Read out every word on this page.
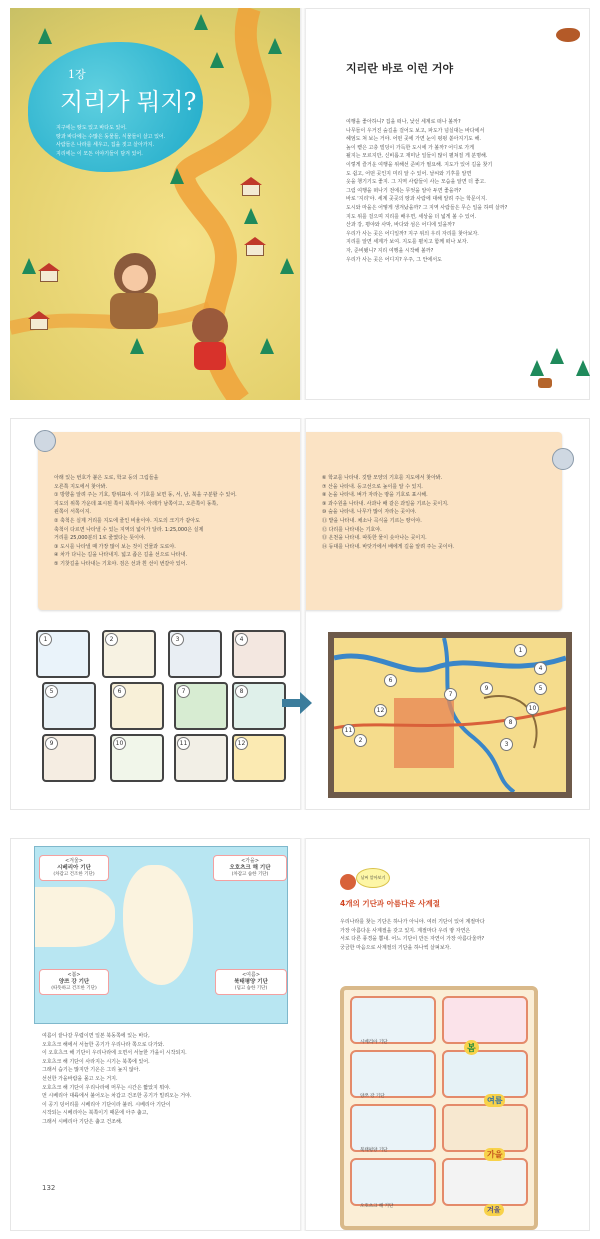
1장
지리가 뭐지?
지구에는 땅도 있고 바다도 있어.
땅과 바다에는 수많은 동물들, 식물들이 살고 있어.
사람들은 나라를 세우고, 집을 짓고 살아가지.
지리에는 이 모든 이야기들이 담겨 있어.
지리란 바로 이런 거야
여행을 좋아하니? 집을 떠나, 낯선 세계로 떠나 볼까?
나무들이 우거진 숲길을 걸어도 보고, 파도가 넘실대는 바다에서
헤엄도 쳐 보는 거야. 어떤 곳에 가면 눈이 펑펑 쏟아지기도 해.
높이 뻗은 고층 빌딩이 가득한 도시에 가 볼까? 어디로 가게
될지는 모르지만, 신비롭고 재미난 일들이 많이 펼쳐질 게 분명해.
이렇게 즐거운 여행을 위해선 준비가 필요해. 지도가 있어 길을 찾기
도 쉽고, 어떤 곳인지 미리 알 수 있어. 날씨와 기후를 알면
옷을 챙기기도 좋지. 그 지역 사람들이 사는 모습을 알면 더 좋고.
그럼 여행을 떠나기 전에는 무엇을 알아 두면 좋을까?
바로 '지리'야. 세계 곳곳의 땅과 사람에 대해 알려 주는 학문이지.
도시와 마을은 어떻게 생겨났을까? 그 지역 사람들은 무슨 일을 하며 살까?
지도 위를 걸으며 지리를 배우면, 세상을 더 넓게 볼 수 있어.
산과 강, 평야와 사막, 바다와 섬은 어디에 있을까?
우리가 사는 곳은 어디일까? 지구 위의 우리 자리를 찾아보자.
지리를 알면 세계가 보여. 지도를 펼치고 함께 떠나 보자.
자, 준비됐니? 지리 여행을 시작해 볼까?
우리가 사는 곳은 어디지? 우주, 그 안에서도
아래 있는 번호가 붙은 도로, 학교 등의 그림들을
오른쪽 지도에서 찾아봐.
① 방향을 알려 주는 기호, 방위표야. 이 기호를 보면 동, 서, 남, 북을 구분할 수 있어.
지도의 위쪽 가운데 표시된 쪽이 북쪽이야. 아래가 남쪽이고, 오른쪽이 동쪽,
왼쪽이 서쪽이지.
② 축척은 실제 거리를 지도에 줄인 비율이야. 지도의 크기가 같아도
축척이 다르면 나타낼 수 있는 지역의 넓이가 달라. 1:25,000은 실제
거리를 25,000분의 1로 줄였다는 뜻이야.
③ 도시를 나타낼 때 가장 많이 보는 것이 건물과 도로야.
④ 차가 다니는 길을 나타내지. 넓고 좁은 길을 선으로 나타내.
⑤ 기찻길을 나타내는 기호야. 검은 선과 흰 선이 번갈아 있어.
⑥ 학교를 나타내. 깃발 모양의 기호를 지도에서 찾아봐.
⑦ 산을 나타내. 등고선으로 높이를 알 수 있지.
⑧ 논을 나타내. 벼가 자라는 땅을 기호로 표시해.
⑨ 과수원을 나타내. 사과나 배 같은 과일을 기르는 곳이지.
⑩ 숲을 나타내. 나무가 많이 자라는 곳이야.
⑪ 밭을 나타내. 채소나 곡식을 기르는 땅이야.
⑫ 다리를 나타내는 기호야.
⑬ 온천을 나타내. 따뜻한 물이 솟아나는 곳이지.
⑭ 등대를 나타내. 바닷가에서 배에게 길을 알려 주는 곳이야.
1	2	3	4
5	6	7	8
9	10	11	12
1
2
3
4
5
6
7
8
9
10
11
12
<겨울>
시베리아 기단
(차갑고 건조한 기단)
<가을>
오호츠크 해 기단
(차갑고 습한 기단)
<봄>
양쯔 강 기단
(따뜻하고 건조한 기단)
<여름>
북태평양 기단
(덥고 습한 기단)
여름이 끝나갈 무렵이면 일본 북동쪽에 있는 바다,
오호츠크 해에서 서늘한 공기가 우리나라 쪽으로 다가와.
이 오호츠크 해 기단이 우리나라에 오면서 서늘한 가을이 시작되지.
오호츠크 해 기단이 사라지는 시기는 북쪽에 있어.
그래서 습기는 많지만 기온은 그리 높지 않아.
선선한 가을바람을 몰고 오는 거지.
오호츠크 해 기단이 우리나라에 머무는 시간은 짧았지 뭐야.
먼 시베리아 대륙에서 불어오는 차갑고 건조한 공기가 밀려오는 거야.
이 공기 덩어리를 시베리아 기단이라 불러. 시베리아 기단이
시작되는 시베리아는 북쪽이기 때문에 아주 춥고,
그래서 시베리아 기단은 춥고 건조해.
132
날씨 알아보기
4개의 기단과 아름다운 사계절
우리나라를 찾는 기단은 하나가 아니야. 여러 기단이 있어 계절마다
가장 아름다운 사계절을 갖고 있지. 계절마다 우리 땅 자연은
서로 다른 풍경을 뽐내. 어느 기단이 만든 자연이 가장 아름다울까?
궁금한 마음으로 사계절의 기단을 하나씩 살펴보자.
시베리아 기단
양쯔 강 기단
북태평양 기단
오호츠크 해 기단
봄
여름
가을
겨울
